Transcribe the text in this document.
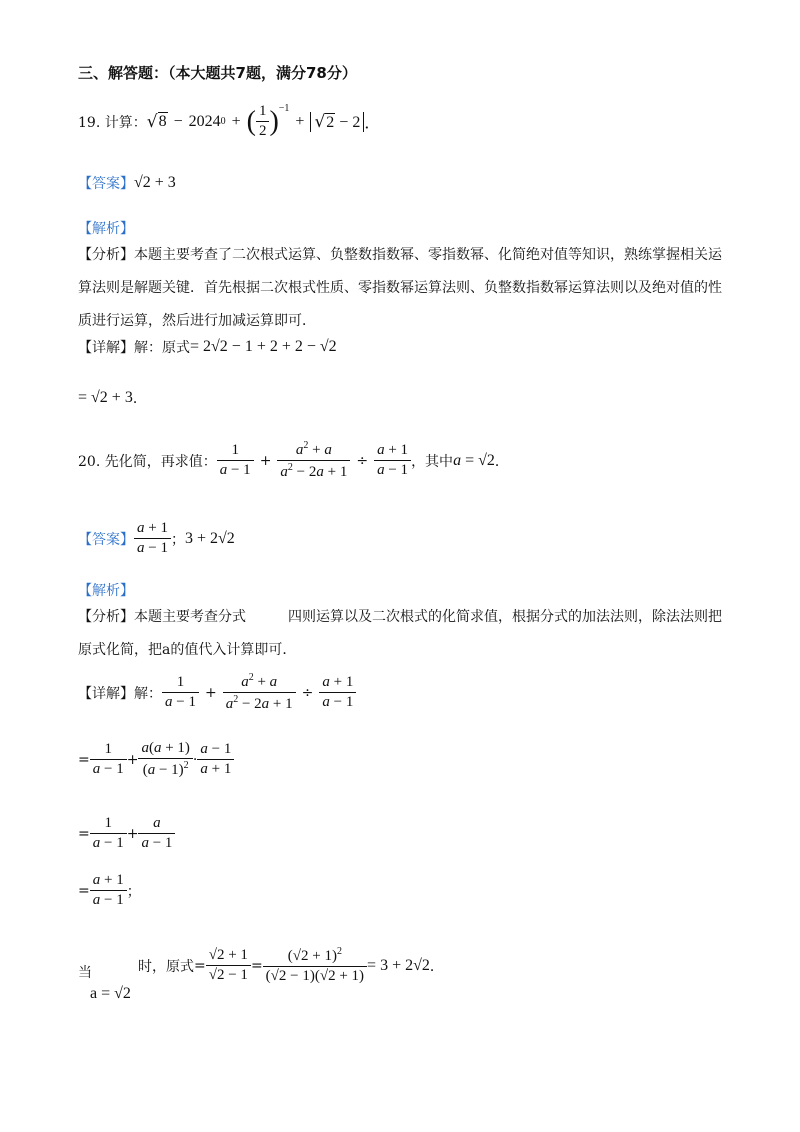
三、解答题：（本大题共7题，满分78分）
19. 计算： √ 8 − 2024 0 + ( $\frac{1}{2} )^{-1}$
+ √2 − 2 ．
【答案】 √2 + 3
【解析】
【分析】本题主要考查了二次根式运算、负整数指数幂、零指数幂、化简绝对值等知识，熟练掌握相关运算法则是解题关键．首先根据二次根式性质、零指数幂运算法则、负整数指数幂运算法则以及绝对值的性质进行运算，然后进行加减运算即可．
【详解】 解：原式 = 2√2 − 1 + 2 + 2 − √2
= √2 + 3 ．
20. 先化简，再求值： $\frac{1}{a - 1} + \frac{a^2 + a}{a^2 - 2a + 1} \div \frac{a + 1}{a - 1}$ ，其中 a = √2 ．
【答案】 $\frac{a + 1}{a - 1}$ ； 3 + 2√2
【解析】
【分析】本题主要考查分式　　　四则运算以及二次根式的化简求值，根据分式的加法法则，除法法则把原式化简，把a的值代入计算即可．
【详解】 解： $\frac{1}{a - 1} + \frac{a^2 + a}{a^2 - 2a + 1} \div \frac{a + 1}{a - 1}$
= $\frac{1}{a - 1} + \frac{a(a + 1)}{(a - 1)^2} \cdot \frac{a - 1}{a + 1}$
= $\frac{1}{a - 1} + \frac{a}{a - 1}$
= $\frac{a + 1}{a - 1}$ ；
当
a = √2
时，原式 = $\frac{√2 + 1}{√2 - 1} = \frac{(√2 + 1)^2}{(√2 - 1)(√2 + 1)} = 3 + 2√2$ ．
